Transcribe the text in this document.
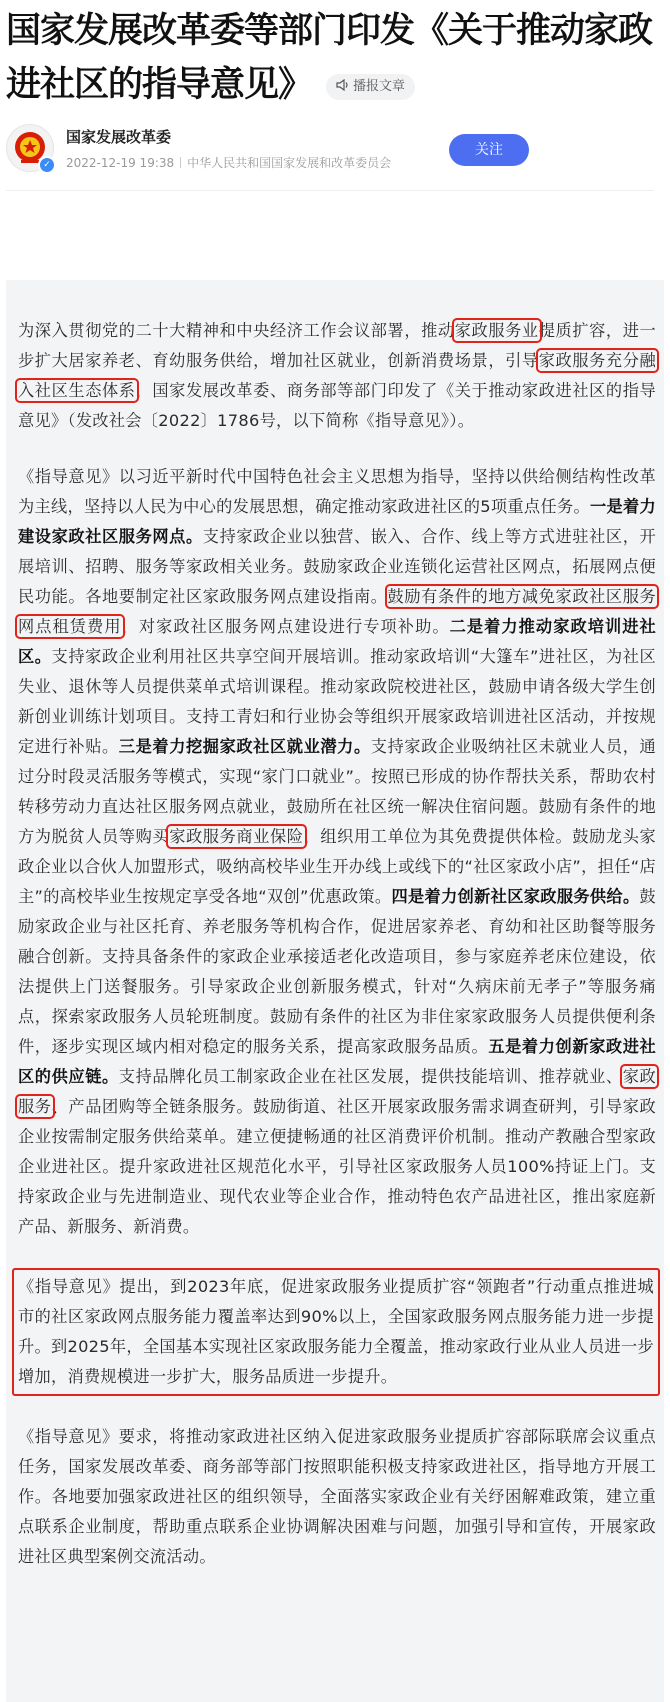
国家发展改革委等部门印发《关于推动家政进社区的指导意见》	播报文章
✓
国家发展改革委
2022-12-19 19:38 中华人民共和国国家发展和改革委员会
关注

为深入贯彻党的二十大精神和中央经济工作会议部署，推动家政服务业提质扩容，进一步扩大居家养老、育幼服务供给，增加社区就业，创新消费场景，引导家政服务充分融入社区生态体系，国家发展改革委、商务部等部门印发了《关于推动家政进社区的指导意见》（发改社会〔2022〕1786号，以下简称《指导意见》）。

《指导意见》以习近平新时代中国特色社会主义思想为指导，坚持以供给侧结构性改革为主线，坚持以人民为中心的发展思想，确定推动家政进社区的5项重点任务。一是着力建设家政社区服务网点。支持家政企业以独营、嵌入、合作、线上等方式进驻社区，开展培训、招聘、服务等家政相关业务。鼓励家政企业连锁化运营社区网点，拓展网点便民功能。各地要制定社区家政服务网点建设指南。鼓励有条件的地方减免家政社区服务网点租赁费用，对家政社区服务网点建设进行专项补助。二是着力推动家政培训进社区。支持家政企业利用社区共享空间开展培训。推动家政培训“大篷车”进社区，为社区失业、退休等人员提供菜单式培训课程。推动家政院校进社区，鼓励申请各级大学生创新创业训练计划项目。支持工青妇和行业协会等组织开展家政培训进社区活动，并按规定进行补贴。三是着力挖掘家政社区就业潜力。支持家政企业吸纳社区未就业人员，通过分时段灵活服务等模式，实现“家门口就业”。按照已形成的协作帮扶关系，帮助农村转移劳动力直达社区服务网点就业，鼓励所在社区统一解决住宿问题。鼓励有条件的地方为脱贫人员等购买家政服务商业保险，组织用工单位为其免费提供体检。鼓励龙头家政企业以合伙人加盟形式，吸纳高校毕业生开办线上或线下的“社区家政小店”，担任“店主”的高校毕业生按规定享受各地“双创”优惠政策。四是着力创新社区家政服务供给。鼓励家政企业与社区托育、养老服务等机构合作，促进居家养老、育幼和社区助餐等服务融合创新。支持具备条件的家政企业承接适老化改造项目，参与家庭养老床位建设，依法提供上门送餐服务。引导家政企业创新服务模式，针对“久病床前无孝子”等服务痛点，探索家政服务人员轮班制度。鼓励有条件的社区为非住家家政服务人员提供便利条件，逐步实现区域内相对稳定的服务关系，提高家政服务品质。五是着力创新家政进社区的供应链。支持品牌化员工制家政企业在社区发展，提供技能培训、推荐就业、家政服务、产品团购等全链条服务。鼓励街道、社区开展家政服务需求调查研判，引导家政企业按需制定服务供给菜单。建立便捷畅通的社区消费评价机制。推动产教融合型家政企业进社区。提升家政进社区规范化水平，引导社区家政服务人员100%持证上门。支持家政企业与先进制造业、现代农业等企业合作，推动特色农产品进社区，推出家庭新产品、新服务、新消费。

《指导意见》提出，到2023年底，促进家政服务业提质扩容“领跑者”行动重点推进城市的社区家政网点服务能力覆盖率达到90%以上，全国家政服务网点服务能力进一步提升。到2025年，全国基本实现社区家政服务能力全覆盖，推动家政行业从业人员进一步增加，消费规模进一步扩大，服务品质进一步提升。

《指导意见》要求，将推动家政进社区纳入促进家政服务业提质扩容部际联席会议重点任务，国家发展改革委、商务部等部门按照职能积极支持家政进社区，指导地方开展工作。各地要加强家政进社区的组织领导，全面落实家政企业有关纾困解难政策，建立重点联系企业制度，帮助重点联系企业协调解决困难与问题，加强引导和宣传，开展家政进社区典型案例交流活动。
